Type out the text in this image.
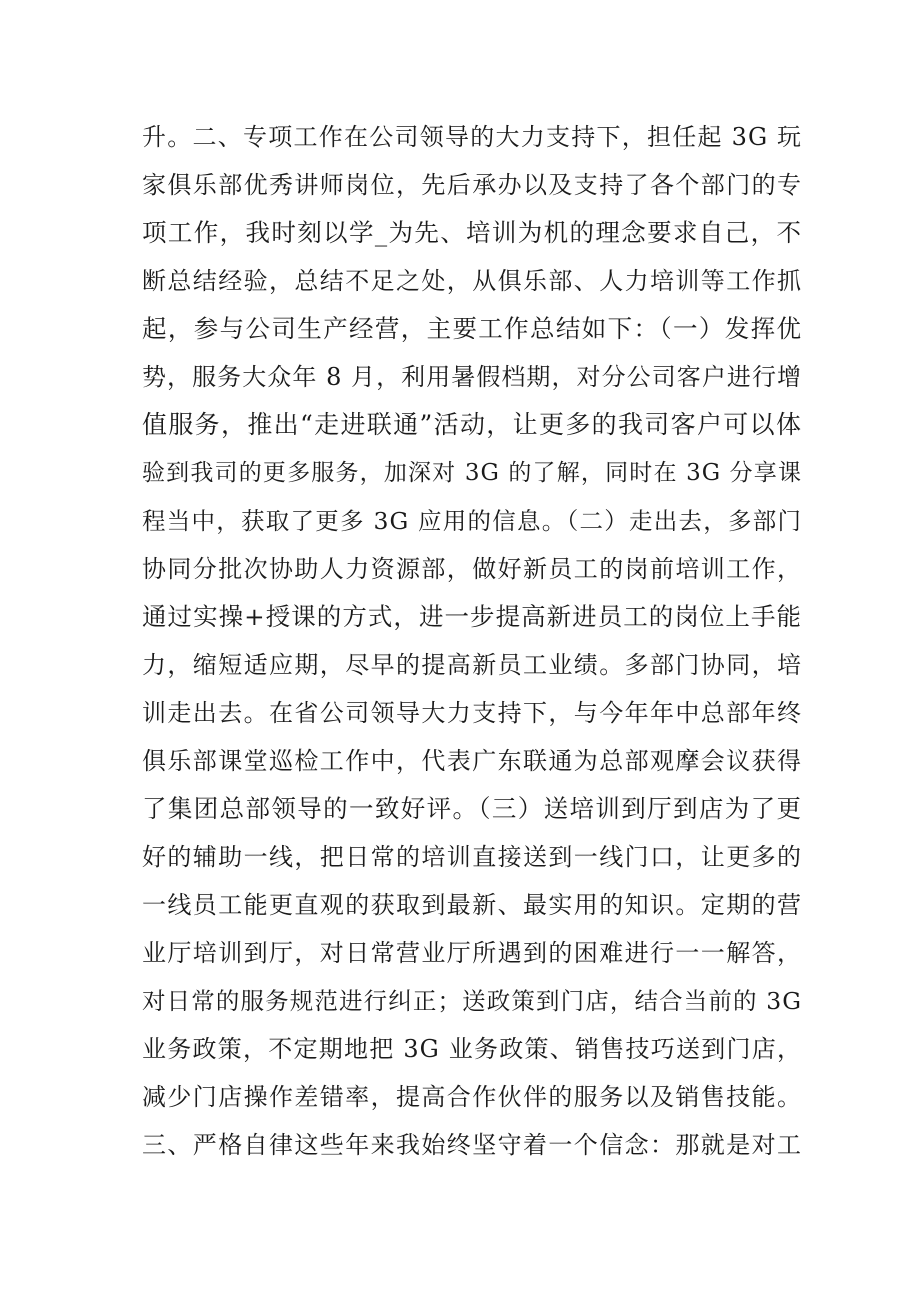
升。二、专项工作在公司领导的大力支持下，担任起 3G 玩
家俱乐部优秀讲师岗位，先后承办以及支持了各个部门的专
项工作，我时刻以学_为先、培训为机的理念要求自己，不
断总结经验，总结不足之处，从俱乐部、人力培训等工作抓
起，参与公司生产经营，主要工作总结如下：（一）发挥优
势，服务大众年 8 月，利用暑假档期，对分公司客户进行增
值服务，推出“走进联通”活动，让更多的我司客户可以体
验到我司的更多服务，加深对 3G 的了解，同时在 3G 分享课
程当中，获取了更多 3G 应用的信息。（二）走出去，多部门
协同分批次协助人力资源部，做好新员工的岗前培训工作，
通过实操+授课的方式，进一步提高新进员工的岗位上手能
力，缩短适应期，尽早的提高新员工业绩。多部门协同，培
训走出去。在省公司领导大力支持下，与今年年中总部年终
俱乐部课堂巡检工作中，代表广东联通为总部观摩会议获得
了集团总部领导的一致好评。（三）送培训到厅到店为了更
好的辅助一线，把日常的培训直接送到一线门口，让更多的
一线员工能更直观的获取到最新、最实用的知识。定期的营
业厅培训到厅，对日常营业厅所遇到的困难进行一一解答，
对日常的服务规范进行纠正；送政策到门店，结合当前的 3G
业务政策，不定期地把 3G 业务政策、销售技巧送到门店，
减少门店操作差错率，提高合作伙伴的服务以及销售技能。
三、严格自律这些年来我始终坚守着一个信念：那就是对工
